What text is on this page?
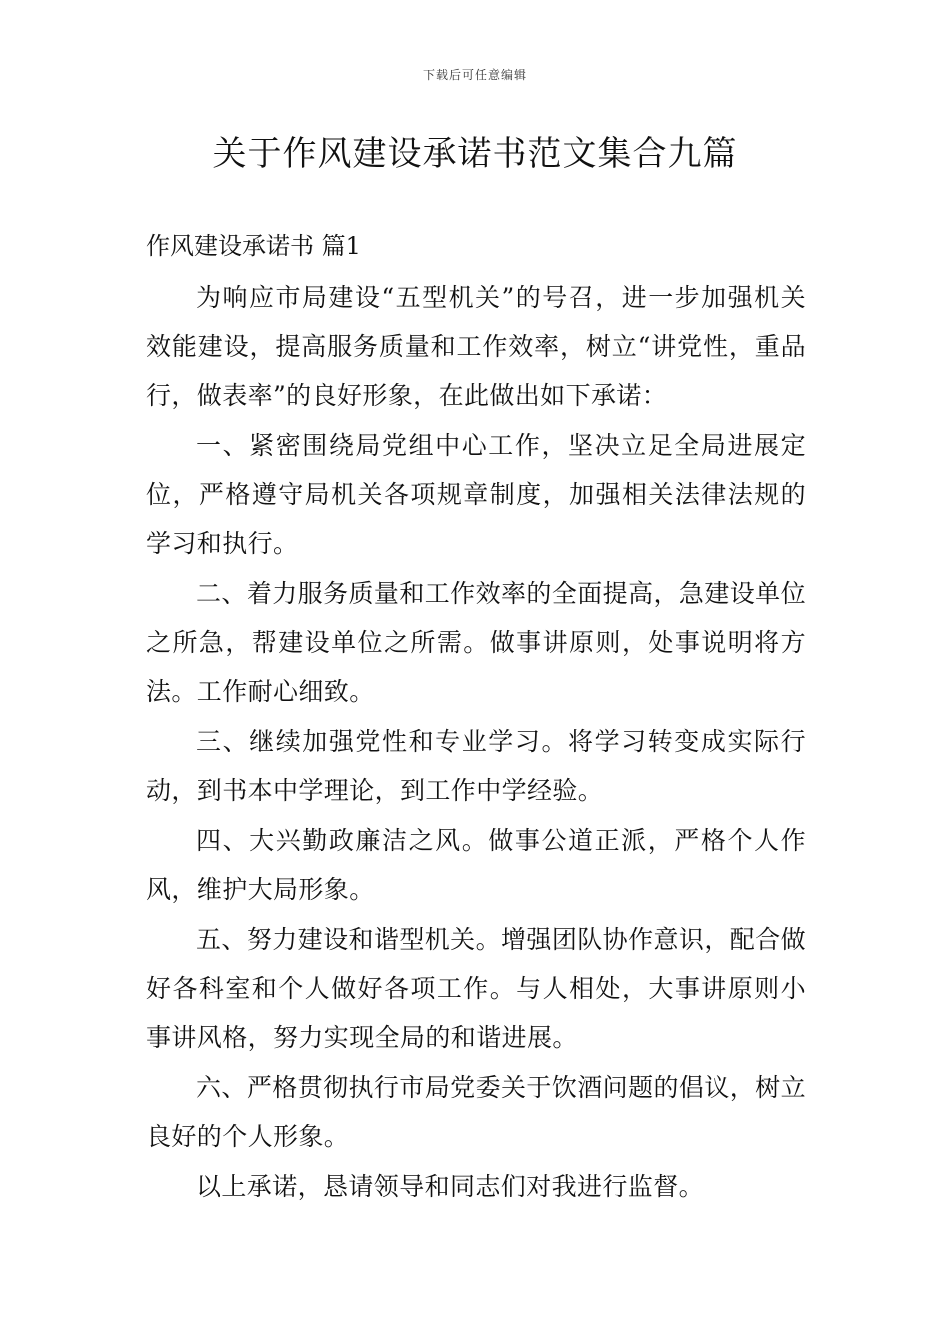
下载后可任意编辑
关于作风建设承诺书范文集合九篇
作风建设承诺书 篇1

为响应市局建设“五型机关”的号召，进一步加强机关效能建设，提高服务质量和工作效率，树立“讲党性，重品行，做表率”的良好形象，在此做出如下承诺：

一、紧密围绕局党组中心工作，坚决立足全局进展定位，严格遵守局机关各项规章制度，加强相关法律法规的学习和执行。

二、着力服务质量和工作效率的全面提高，急建设单位之所急，帮建设单位之所需。做事讲原则，处事说明将方法。工作耐心细致。

三、继续加强党性和专业学习。将学习转变成实际行动，到书本中学理论，到工作中学经验。

四、大兴勤政廉洁之风。做事公道正派，严格个人作风，维护大局形象。

五、努力建设和谐型机关。增强团队协作意识，配合做好各科室和个人做好各项工作。与人相处，大事讲原则小事讲风格，努力实现全局的和谐进展。

六、严格贯彻执行市局党委关于饮酒问题的倡议，树立良好的个人形象。

以上承诺，恳请领导和同志们对我进行监督。
